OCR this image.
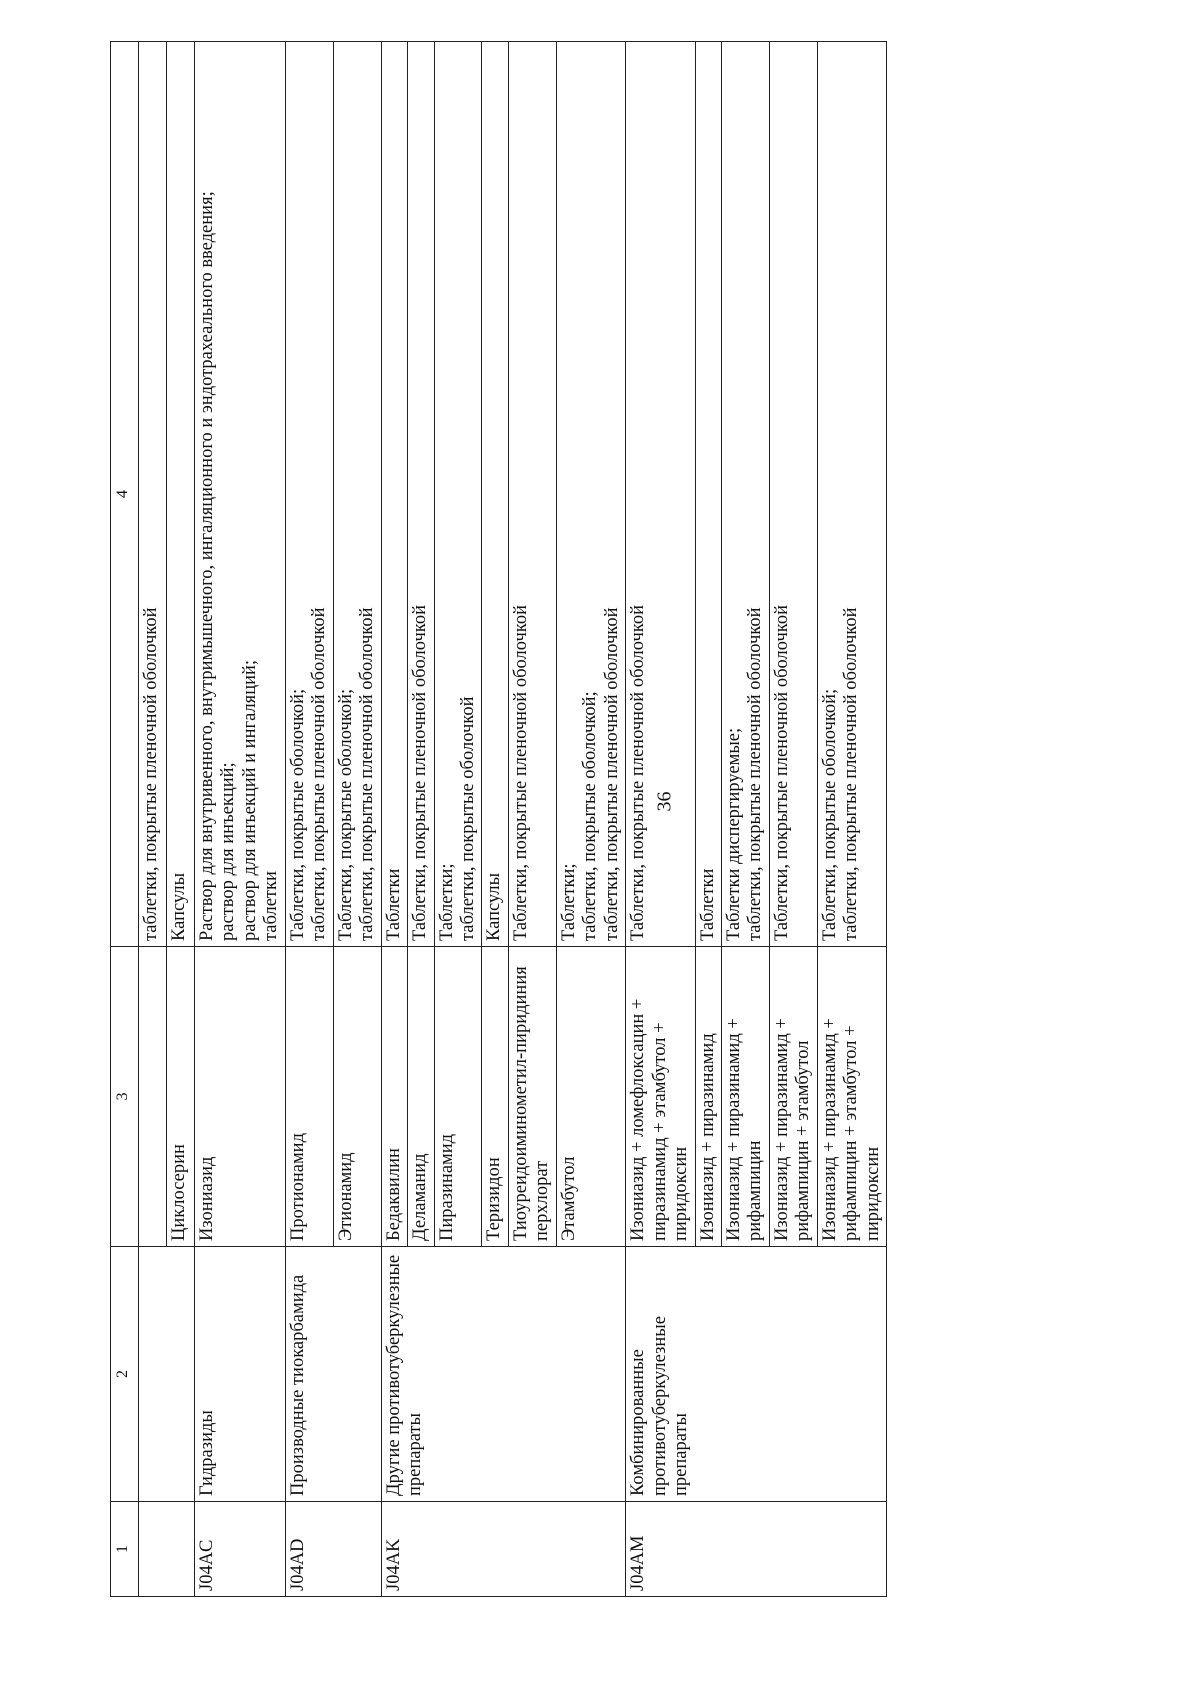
36
1	2	3	4
			таблетки, покрытые пленочной оболочкой
		Циклосерин	Капсулы
J04AC	Гидразиды	Изониазид	Раствор для внутривенного, внутримышечного, ингаляционного и эндотрахеального введения;
раствор для инъекций;
раствор для инъекций и ингаляций;
таблетки
J04AD	Производные тиокарбамида	Протионамид	Таблетки, покрытые оболочкой;
таблетки, покрытые пленочной оболочкой
		Этионамид	Таблетки, покрытые оболочкой;
таблетки, покрытые пленочной оболочкой
J04AK	Другие противотуберкулезные препараты	Бедаквилин	Таблетки
		Деламанид	Таблетки, покрытые пленочной оболочкой
		Пиразинамид	Таблетки;
таблетки, покрытые оболочкой
		Теризидон	Капсулы
		Тиоуреидоиминометил-пиридиния перхлорат	Таблетки, покрытые пленочной оболочкой
		Этамбутол	Таблетки;
таблетки, покрытые оболочкой;
таблетки, покрытые пленочной оболочкой
J04AM	Комбинированные противотуберкулезные препараты	Изониазид + ломефлоксацин + пиразинамид + этамбутол + пиридоксин	Таблетки, покрытые пленочной оболочкой
		Изониазид + пиразинамид	Таблетки
		Изониазид + пиразинамид + рифампицин	Таблетки диспергируемые;
таблетки, покрытые пленочной оболочкой
		Изониазид + пиразинамид + рифампицин + этамбутол	Таблетки, покрытые пленочной оболочкой
		Изониазид + пиразинамид + рифампицин + этамбутол + пиридоксин	Таблетки, покрытые оболочкой;
таблетки, покрытые пленочной оболочкой
